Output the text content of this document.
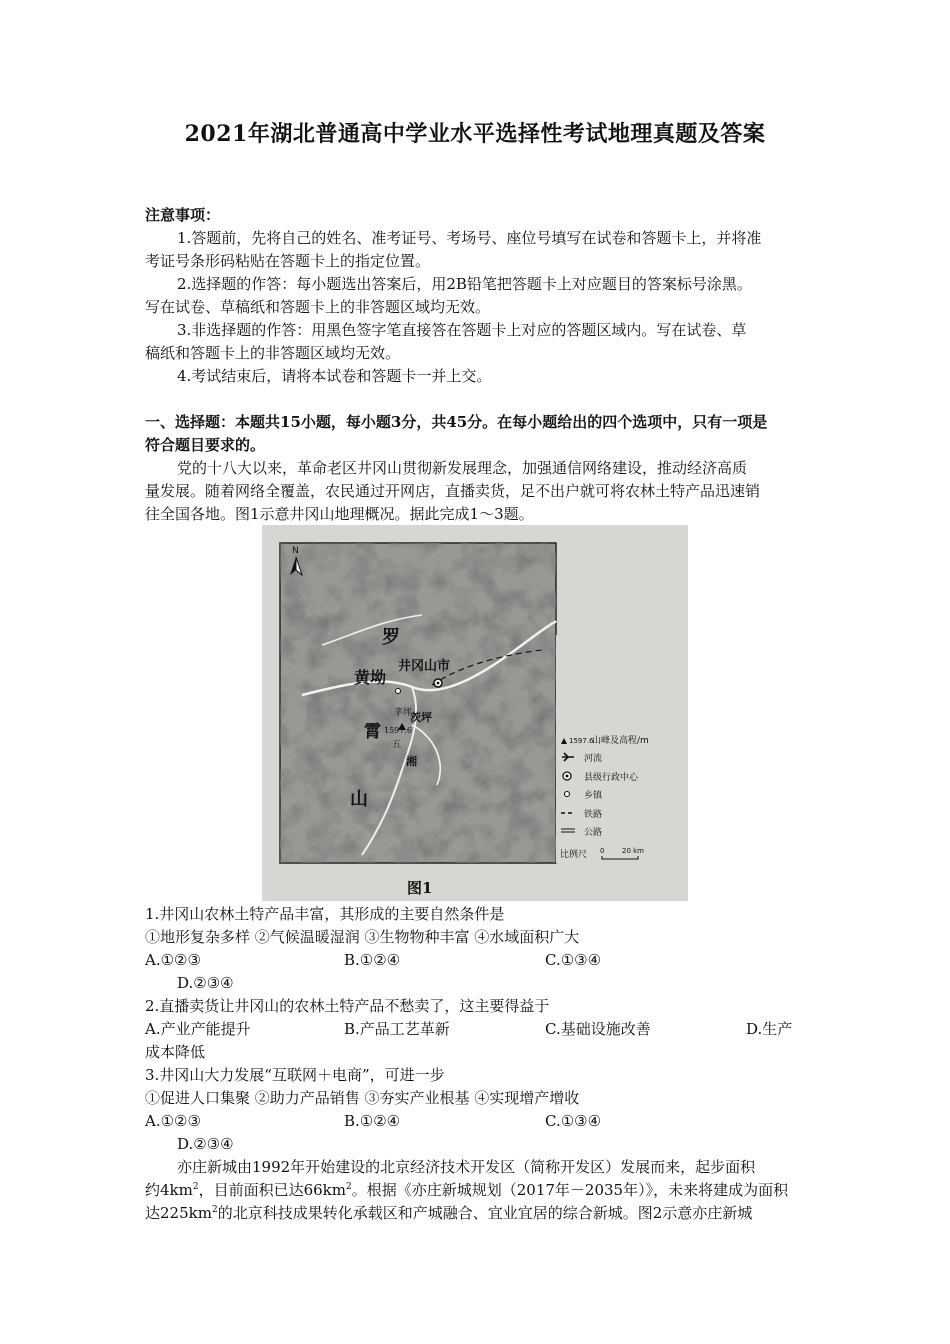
2021年湖北普通高中学业水平选择性考试地理真题及答案
注意事项：
1.答题前，先将自己的姓名、准考证号、考场号、座位号填写在试卷和答题卡上，并将准
考证号条形码粘贴在答题卡上的指定位置。
2.选择题的作答：每小题选出答案后，用2B铅笔把答题卡上对应题目的答案标号涂黑。
写在试卷、草稿纸和答题卡上的非答题区域均无效。
3.非选择题的作答：用黑色签字笔直接答在答题卡上对应的答题区域内。写在试卷、草
稿纸和答题卡上的非答题区域均无效。
4.考试结束后，请将本试卷和答题卡一并上交。
一、选择题：本题共15小题，每小题3分，共45分。在每小题给出的四个选项中，只有一项是
符合题目要求的。
党的十八大以来，革命老区井冈山贯彻新发展理念，加强通信网络建设，推动经济高质
量发展。随着网络全覆盖，农民通过开网店，直播卖货，足不出户就可将农林土特产品迅速销
往全国各地。图1示意井冈山地理概况。据此完成1～3题。
N
罗
井冈山市
黄坳
茅坪
霄 1597.6
五
茨坪
湘
山
1597.6
山峰及高程/m
河流
县级行政中心
乡镇
铁路
公路
比例尺 0	20 km
图1
1.井冈山农林土特产品丰富，其形成的主要自然条件是
①地形复杂多样 ②气候温暖湿润 ③生物物种丰富 ④水域面积广大
A.①②③	B.①②④	C.①③④
D.②③④
2.直播卖货让井冈山的农林土特产品不愁卖了，这主要得益于
A.产业产能提升	B.产品工艺革新	C.基础设施改善	D.生产
成本降低
3.井冈山大力发展“互联网＋电商”，可进一步
①促进人口集聚 ②助力产品销售 ③夯实产业根基 ④实现增产增收
A.①②③	B.①②④	C.①③④
D.②③④
亦庄新城由1992年开始建设的北京经济技术开发区（简称开发区）发展而来，起步面积
约$4km^2$，目前面积已达$66km^2$。根据《亦庄新城规划（2017年－2035年）》，未来将建成为面积
达$225km^2$的北京科技成果转化承载区和产城融合、宜业宜居的综合新城。图2示意亦庄新城
